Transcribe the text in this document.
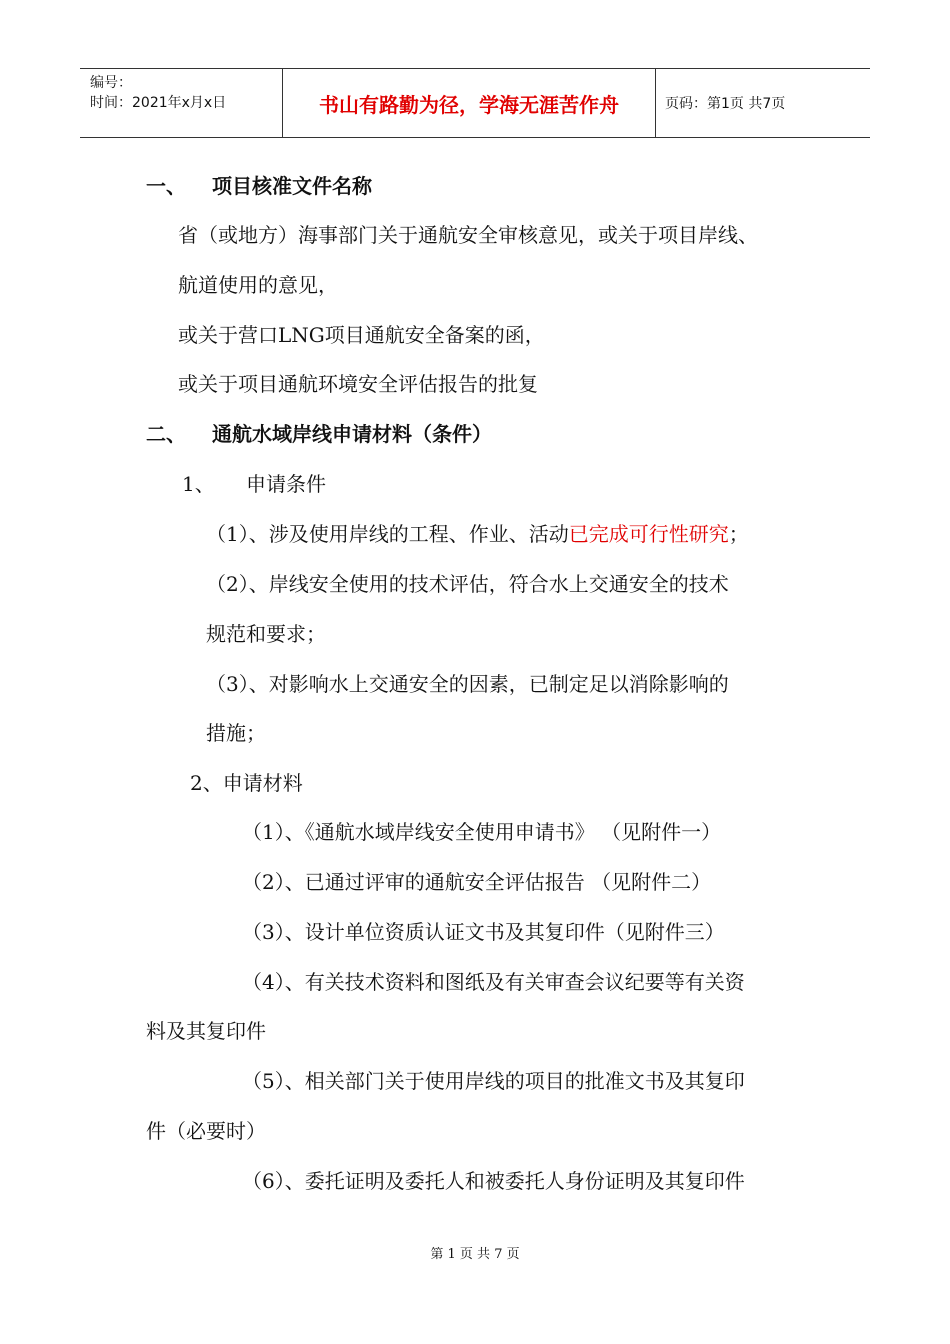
编号：
时间：2021年x月x日	书山有路勤为径，学海无涯苦作舟	页码：第1页 共7页
一、 项目核准文件名称
省（或地方）海事部门关于通航安全审核意见，或关于项目岸线、
航道使用的意见，
或关于营口LNG项目通航安全备案的函，
或关于项目通航环境安全评估报告的批复
二、 通航水域岸线申请材料（条件）
1、 申请条件
（1）、涉及使用岸线的工程、作业、活动已完成可行性研究；
（2）、岸线安全使用的技术评估，符合水上交通安全的技术
规范和要求；
（3）、对影响水上交通安全的因素，已制定足以消除影响的
措施；
2、申请材料
（1）、《通航水域岸线安全使用申请书》 （见附件一）
（2）、已通过评审的通航安全评估报告 （见附件二）
（3）、设计单位资质认证文书及其复印件（见附件三）
（4）、有关技术资料和图纸及有关审查会议纪要等有关资
料及其复印件
（5）、相关部门关于使用岸线的项目的批准文书及其复印
件（必要时）
（6）、委托证明及委托人和被委托人身份证明及其复印件
第 1 页 共 7 页
